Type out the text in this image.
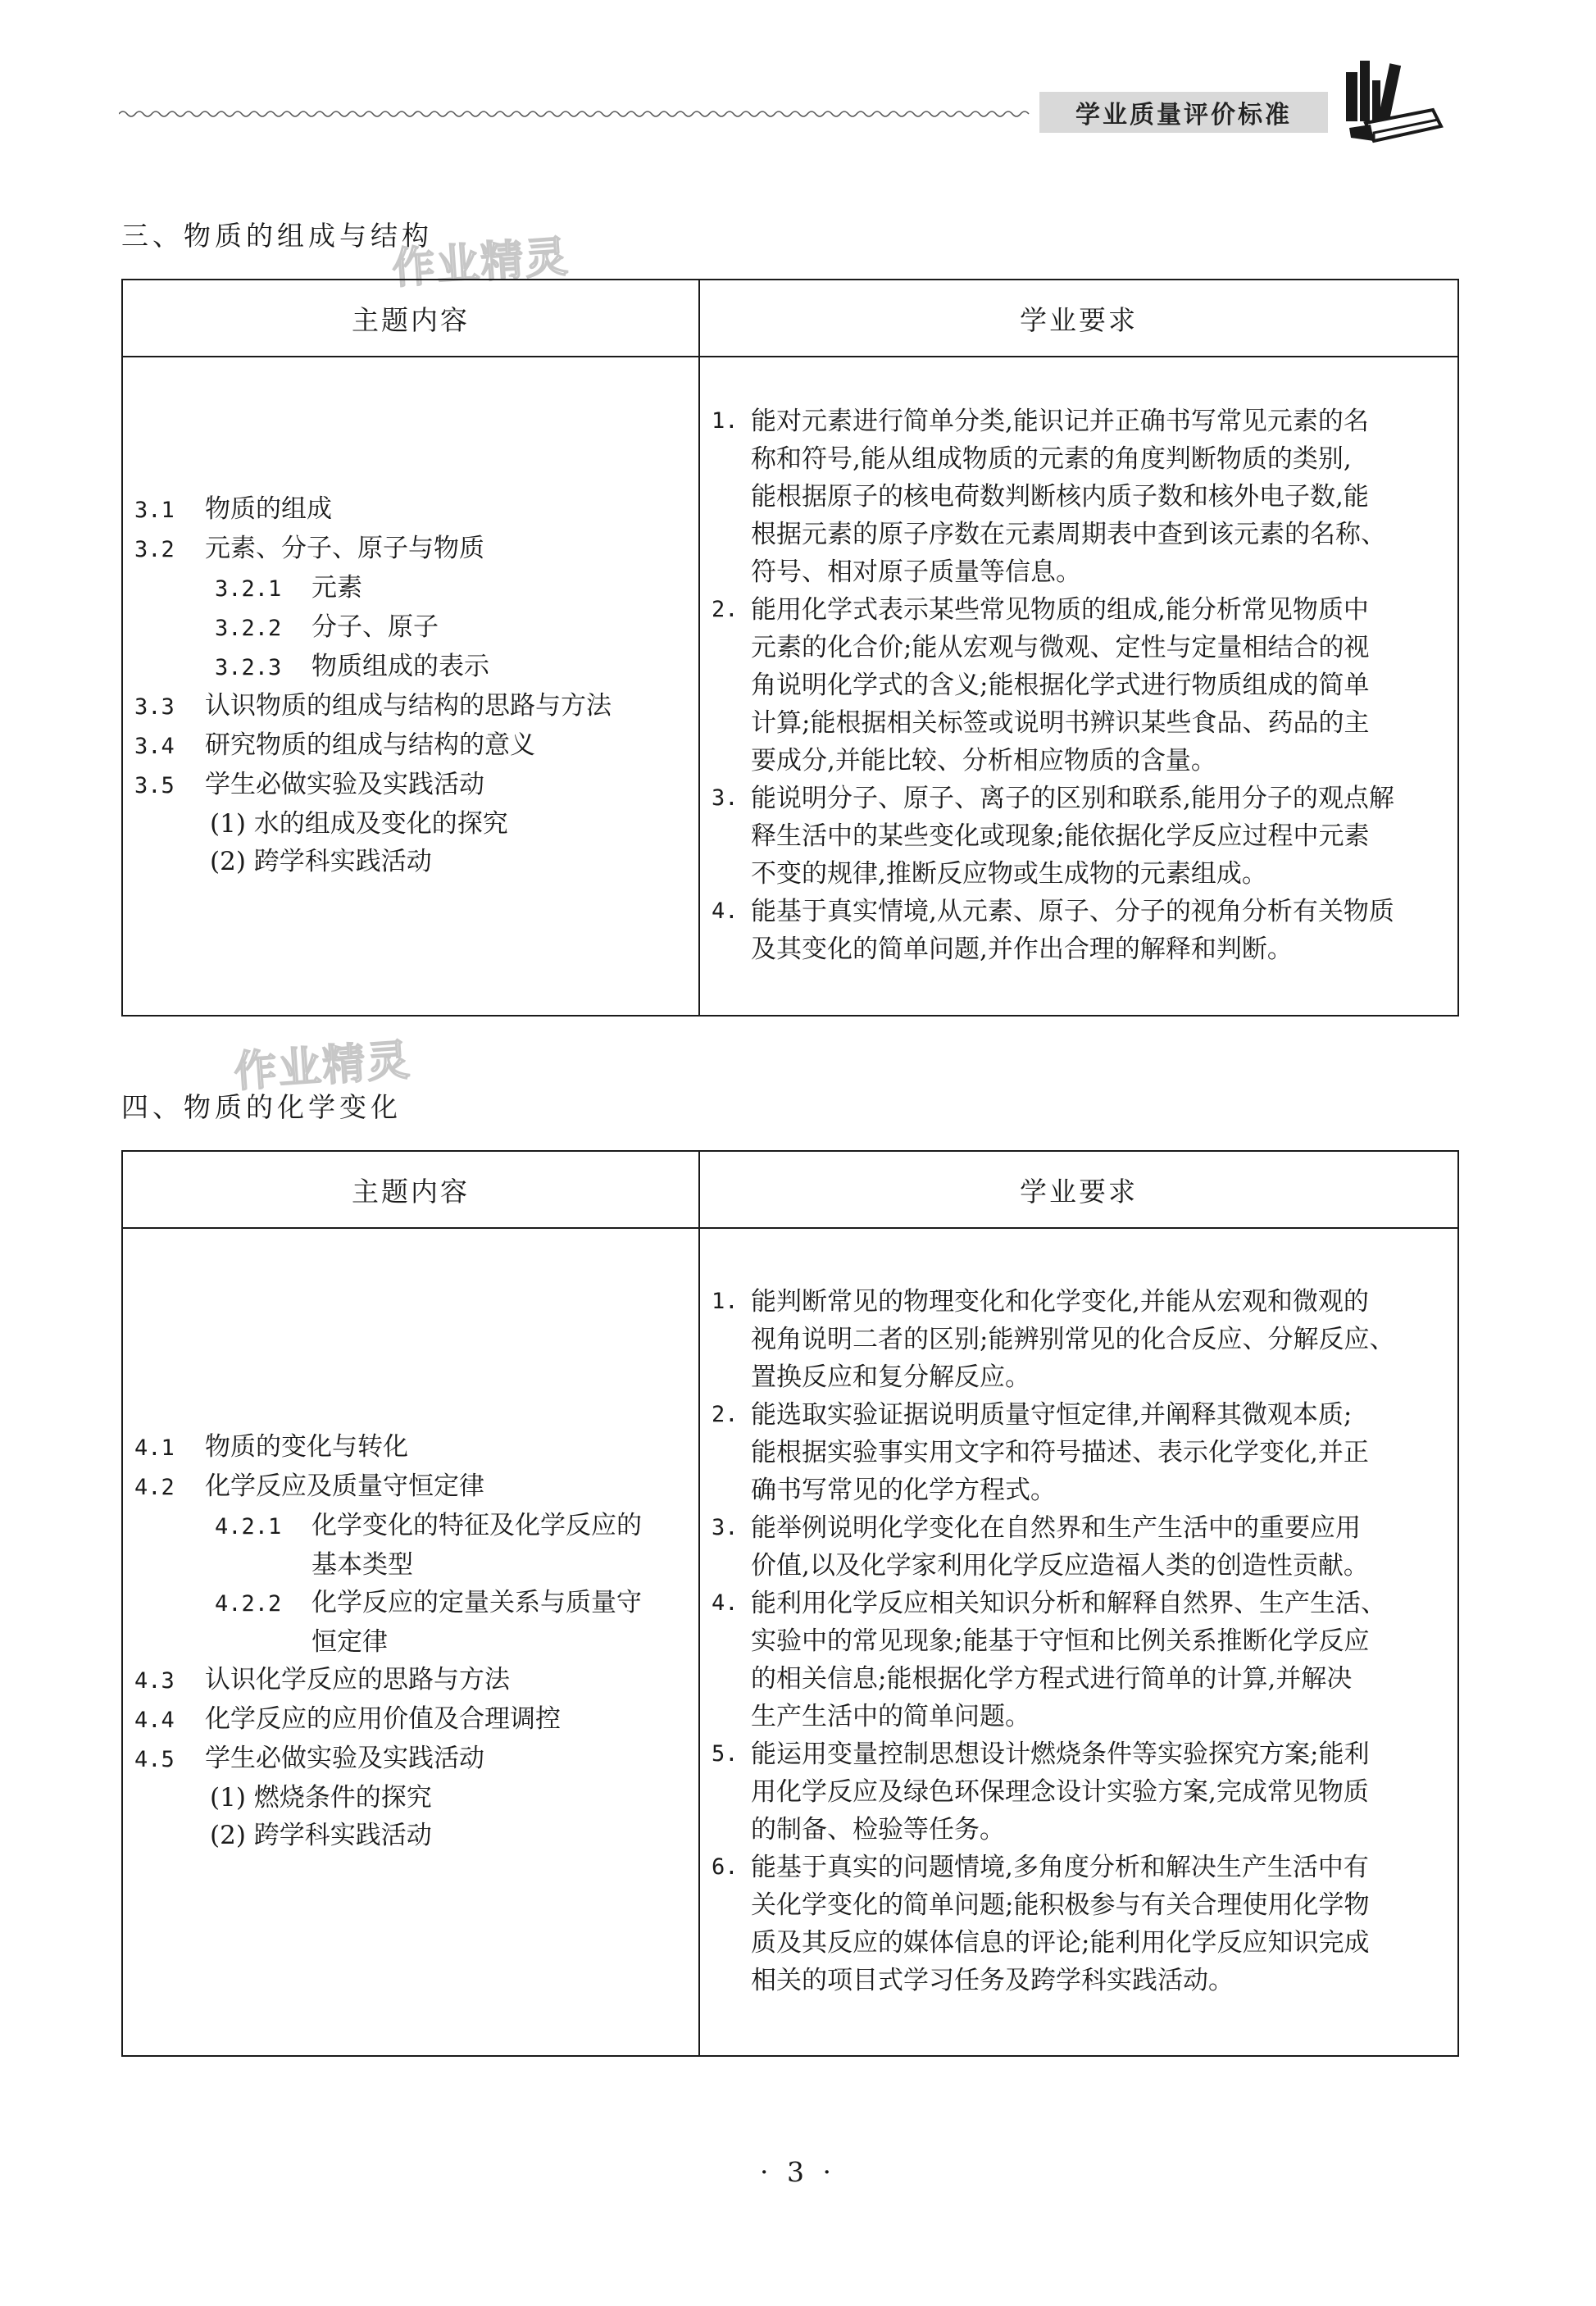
学业质量评价标准
三、物质的组成与结构
作业精灵
主题内容	学业要求
3.1 物质的组成
3.2 元素、分子、原子与物质
3.2.1 元素
3.2.2 分子、原子
3.2.3 物质组成的表示
3.3 认识物质的组成与结构的思路与方法
3.4 研究物质的组成与结构的意义
3.5 学生必做实验及实践活动
(1) 水的组成及变化的探究
(2) 跨学科实践活动
1. 能对元素进行简单分类,能识记并正确书写常见元素的名
称和符号,能从组成物质的元素的角度判断物质的类别,
能根据原子的核电荷数判断核内质子数和核外电子数,能
根据元素的原子序数在元素周期表中查到该元素的名称、
符号、相对原子质量等信息。
2. 能用化学式表示某些常见物质的组成,能分析常见物质中
元素的化合价;能从宏观与微观、定性与定量相结合的视
角说明化学式的含义;能根据化学式进行物质组成的简单
计算;能根据相关标签或说明书辨识某些食品、药品的主
要成分,并能比较、分析相应物质的含量。
3. 能说明分子、原子、离子的区别和联系,能用分子的观点解
释生活中的某些变化或现象;能依据化学反应过程中元素
不变的规律,推断反应物或生成物的元素组成。
4. 能基于真实情境,从元素、原子、分子的视角分析有关物质
及其变化的简单问题,并作出合理的解释和判断。
作业精灵
四、物质的化学变化
主题内容	学业要求
4.1 物质的变化与转化
4.2 化学反应及质量守恒定律
4.2.1 化学变化的特征及化学反应的
基本类型
4.2.2 化学反应的定量关系与质量守
恒定律
4.3 认识化学反应的思路与方法
4.4 化学反应的应用价值及合理调控
4.5 学生必做实验及实践活动
(1) 燃烧条件的探究
(2) 跨学科实践活动
1. 能判断常见的物理变化和化学变化,并能从宏观和微观的
视角说明二者的区别;能辨别常见的化合反应、分解反应、
置换反应和复分解反应。
2. 能选取实验证据说明质量守恒定律,并阐释其微观本质;
能根据实验事实用文字和符号描述、表示化学变化,并正
确书写常见的化学方程式。
3. 能举例说明化学变化在自然界和生产生活中的重要应用
价值,以及化学家利用化学反应造福人类的创造性贡献。
4. 能利用化学反应相关知识分析和解释自然界、生产生活、
实验中的常见现象;能基于守恒和比例关系推断化学反应
的相关信息;能根据化学方程式进行简单的计算,并解决
生产生活中的简单问题。
5. 能运用变量控制思想设计燃烧条件等实验探究方案;能利
用化学反应及绿色环保理念设计实验方案,完成常见物质
的制备、检验等任务。
6. 能基于真实的问题情境,多角度分析和解决生产生活中有
关化学变化的简单问题;能积极参与有关合理使用化学物
质及其反应的媒体信息的评论;能利用化学反应知识完成
相关的项目式学习任务及跨学科实践活动。
· 3 ·
